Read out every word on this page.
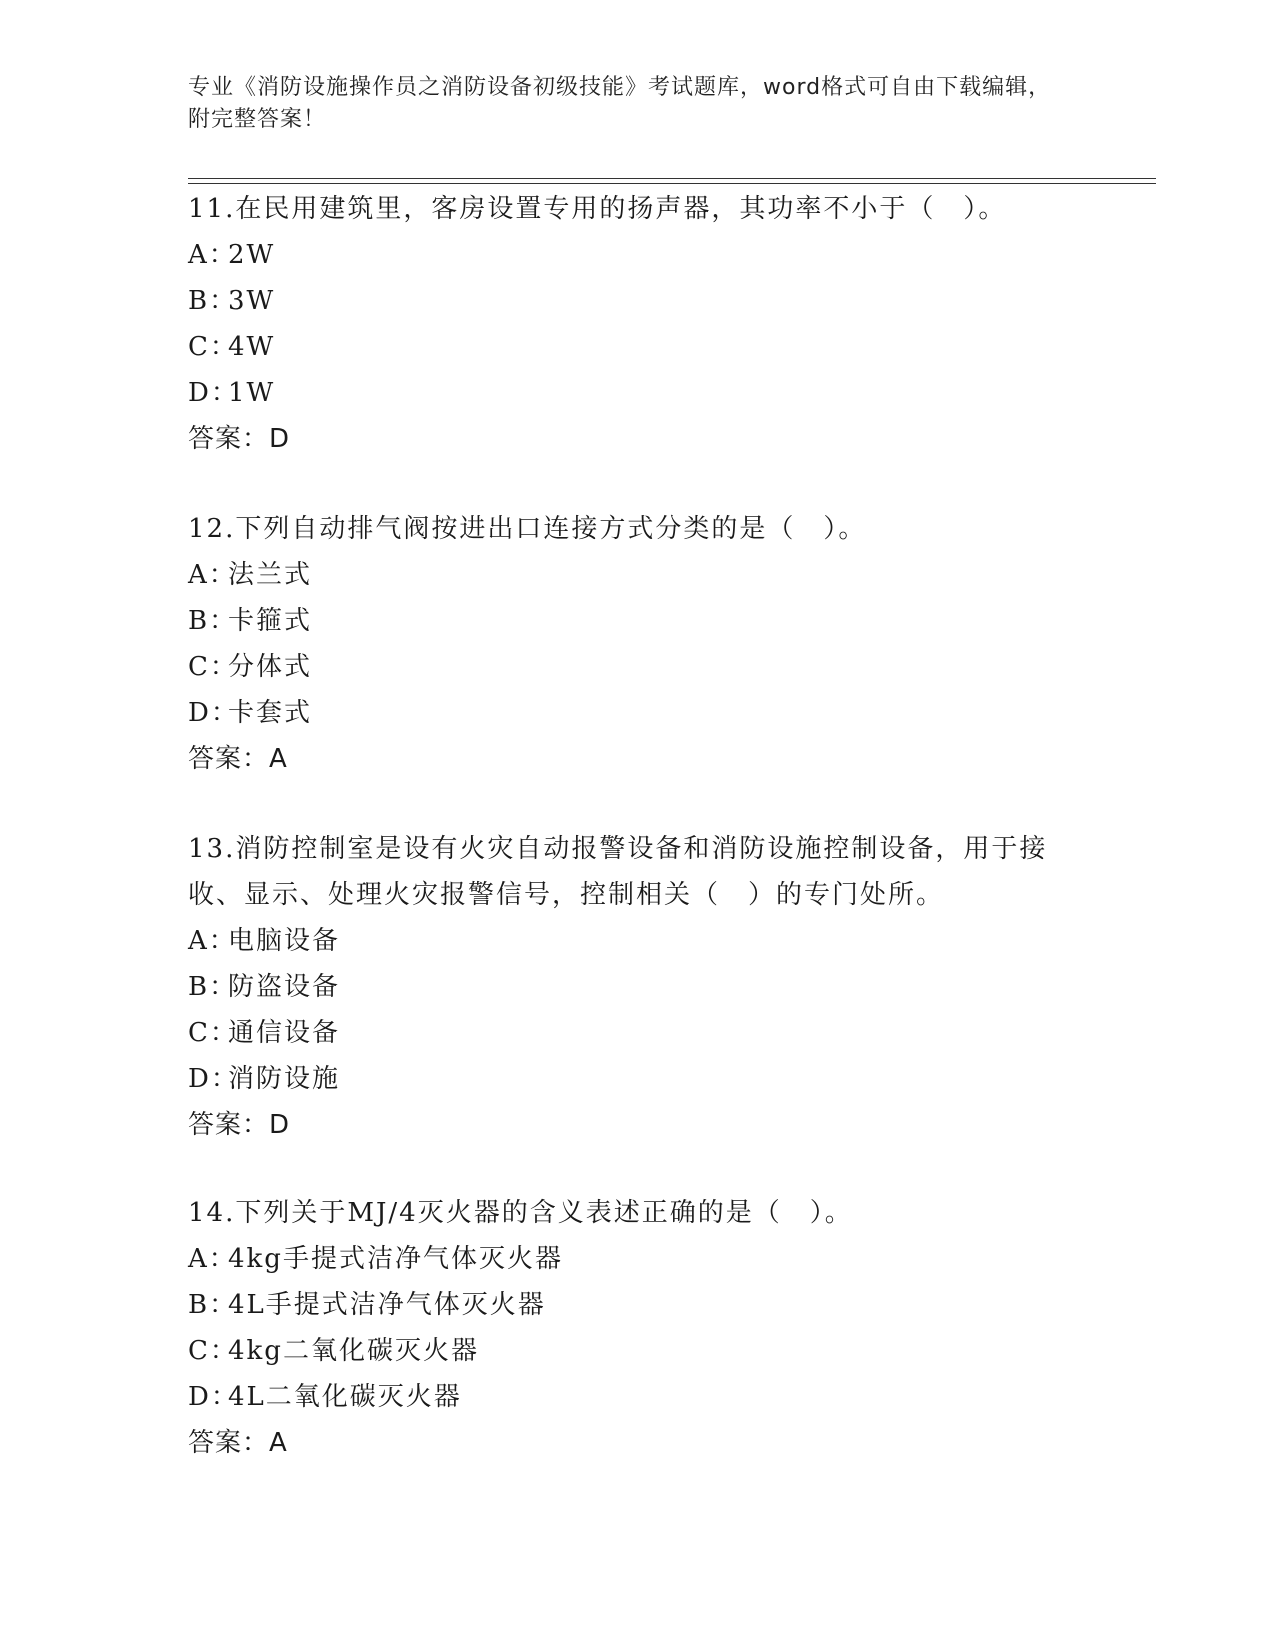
专业《消防设施操作员之消防设备初级技能》考试题库，word格式可自由下载编辑，附完整答案！

11.在民用建筑里，客房设置专用的扬声器，其功率不小于（　）。

A：2W

B：3W

C：4W

D：1W

答案：D

12.下列自动排气阀按进出口连接方式分类的是（　）。

A：法兰式

B：卡箍式

C：分体式

D：卡套式

答案：A

13.消防控制室是设有火灾自动报警设备和消防设施控制设备，用于接收、显示、处理火灾报警信号，控制相关（　）的专门处所。

A：电脑设备

B：防盗设备

C：通信设备

D：消防设施

答案：D

14.下列关于MJ/4灭火器的含义表述正确的是（　）。

A：4kg手提式洁净气体灭火器

B：4L手提式洁净气体灭火器

C：4kg二氧化碳灭火器

D：4L二氧化碳灭火器

答案：A
